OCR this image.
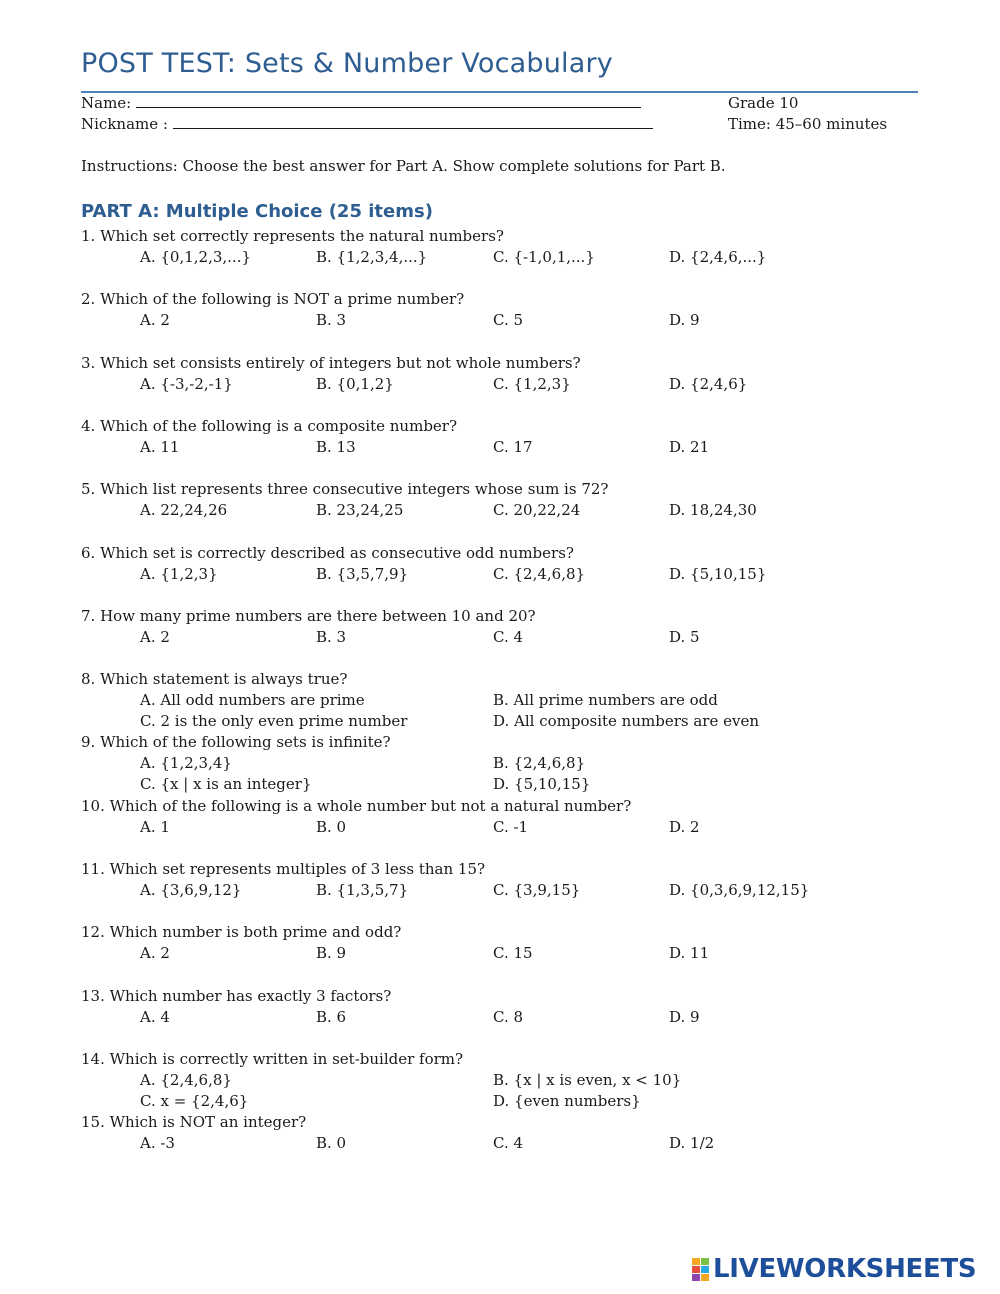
POST TEST: Sets & Number Vocabulary
Name:
Nickname :
Grade 10
Time: 45–60 minutes
Instructions: Choose the best answer for Part A. Show complete solutions for Part B.
PART A: Multiple Choice (25 items)
1. Which set correctly represents the natural numbers?
A. {0,1,2,3,...}	B. {1,2,3,4,...}	C. {-1,0,1,...}	D. {2,4,6,...}
2. Which of the following is NOT a prime number?
A. 2	B. 3	C. 5	D. 9
3. Which set consists entirely of integers but not whole numbers?
A. {-3,-2,-1}	B. {0,1,2}	C. {1,2,3}	D. {2,4,6}
4. Which of the following is a composite number?
A. 11	B. 13	C. 17	D. 21
5. Which list represents three consecutive integers whose sum is 72?
A. 22,24,26	B. 23,24,25	C. 20,22,24	D. 18,24,30
6. Which set is correctly described as consecutive odd numbers?
A. {1,2,3}	B. {3,5,7,9}	C. {2,4,6,8}	D. {5,10,15}
7. How many prime numbers are there between 10 and 20?
A. 2	B. 3	C. 4	D. 5
8. Which statement is always true?
A. All odd numbers are prime	B. All prime numbers are odd
C. 2 is the only even prime number	D. All composite numbers are even
9. Which of the following sets is infinite?
A. {1,2,3,4}	B. {2,4,6,8}
C. {x | x is an integer}	D. {5,10,15}
10. Which of the following is a whole number but not a natural number?
A. 1	B. 0	C. -1	D. 2
11. Which set represents multiples of 3 less than 15?
A. {3,6,9,12}	B. {1,3,5,7}	C. {3,9,15}	D. {0,3,6,9,12,15}
12. Which number is both prime and odd?
A. 2	B. 9	C. 15	D. 11
13. Which number has exactly 3 factors?
A. 4	B. 6	C. 8	D. 9
14. Which is correctly written in set-builder form?
A. {2,4,6,8}	B. {x | x is even, x < 10}
C. x = {2,4,6}	D. {even numbers}
15. Which is NOT an integer?
A. -3	B. 0	C. 4	D. 1/2
LIVEWORKSHEETS
